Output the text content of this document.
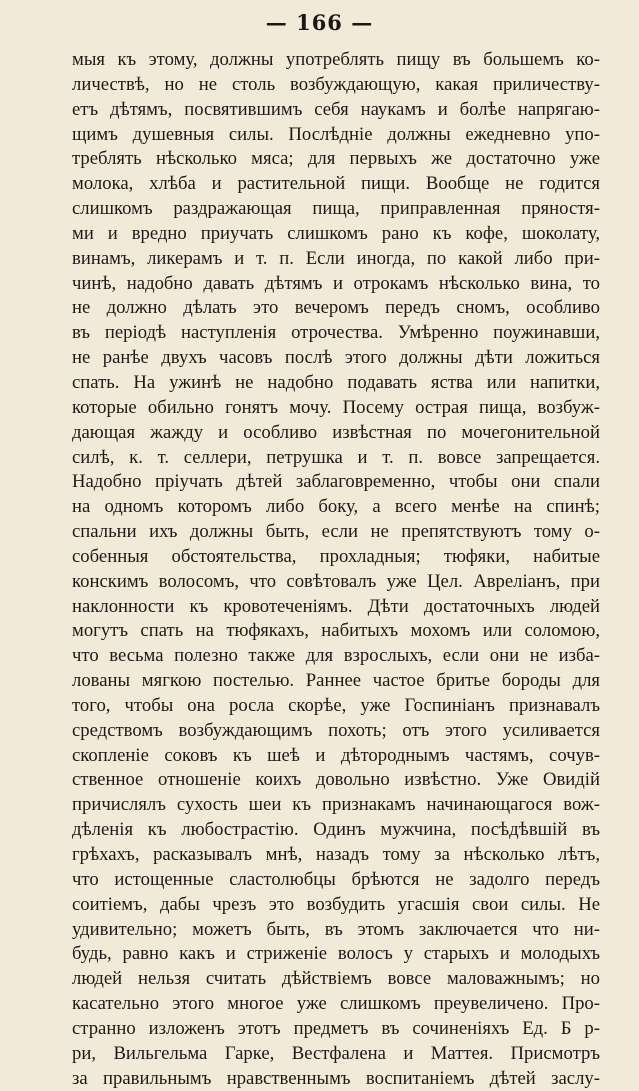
— 166 —
мыя къ этому, должны употреблять пищу въ большемъ ко-
личествѣ, но не столь возбуждающую, какая приличеству-
етъ дѣтямъ, посвятившимъ себя наукамъ и болѣе напрягаю-
щимъ душевныя силы. Послѣдніе должны ежедневно упо-
треблять нѣсколько мяса; для первыхъ же достаточно уже
молока, хлѣба и растительной пищи. Вообще не годится
слишкомъ раздражающая пища, приправленная пряностя-
ми и вредно приучать слишкомъ рано къ кофе, шоколату,
винамъ, ликерамъ и т. п. Если иногда, по какой либо при-
чинѣ, надобно давать дѣтямъ и отрокамъ нѣсколько вина, то
не должно дѣлать это вечеромъ передъ сномъ, особливо
въ періодѣ наступленія отрочества. Умѣренно поужинавши,
не ранѣе двухъ часовъ послѣ этого должны дѣти ложиться
спать. На ужинѣ не надобно подавать яства или напитки,
которые обильно гонятъ мочу. Посему острая пища, возбуж-
дающая жажду и особливо извѣстная по мочегонительной
силѣ, к. т. селлери, петрушка и т. п. вовсе запрещается.
Надобно пріучать дѣтей заблаговременно, чтобы они спали
на одномъ которомъ либо боку, а всего менѣе на спинѣ;
спальни ихъ должны быть, если не препятствуютъ тому о-
собенныя обстоятельства, прохладныя; тюфяки, набитые
конскимъ волосомъ, что совѣтовалъ уже Цел. Авреліанъ, при
наклонности къ кровотеченіямъ. Дѣти достаточныхъ людей
могутъ спать на тюфякахъ, набитыхъ мохомъ или соломою,
что весьма полезно также для взрослыхъ, если они не изба-
лованы мягкою постелью. Раннее частое бритье бороды для
того, чтобы она росла скорѣе, уже Госпиніанъ признавалъ
средствомъ возбуждающимъ похоть; отъ этого усиливается
скопленіе соковъ къ шеѣ и дѣтороднымъ частямъ, сочув-
ственное отношеніе коихъ довольно извѣстно. Уже Овидій
причислялъ сухость шеи къ признакамъ начинающагося вож-
дѣленія къ любострастію. Одинъ мужчина, посѣдѣвшій въ
грѣхахъ, расказывалъ мнѣ, назадъ тому за нѣсколько лѣтъ,
что истощенные сластолюбцы брѣются не задолго передъ
соитіемъ, дабы чрезъ это возбудить угасшія свои силы. Не
удивительно; можетъ быть, въ этомъ заключается что ни-
будь, равно какъ и стриженіе волосъ у старыхъ и молодыхъ
людей нельзя считать дѣйствіемъ вовсе маловажнымъ; но
касательно этого многое уже слишкомъ преувеличено. Про-
странно изложенъ этотъ предметъ въ сочиненіяхъ Ед. Б р-
ри, Вильгельма Гарке, Вестфалена и Маттея. Присмотръ
за правильнымъ нравственнымъ воспитаніемъ дѣтей заслу-
